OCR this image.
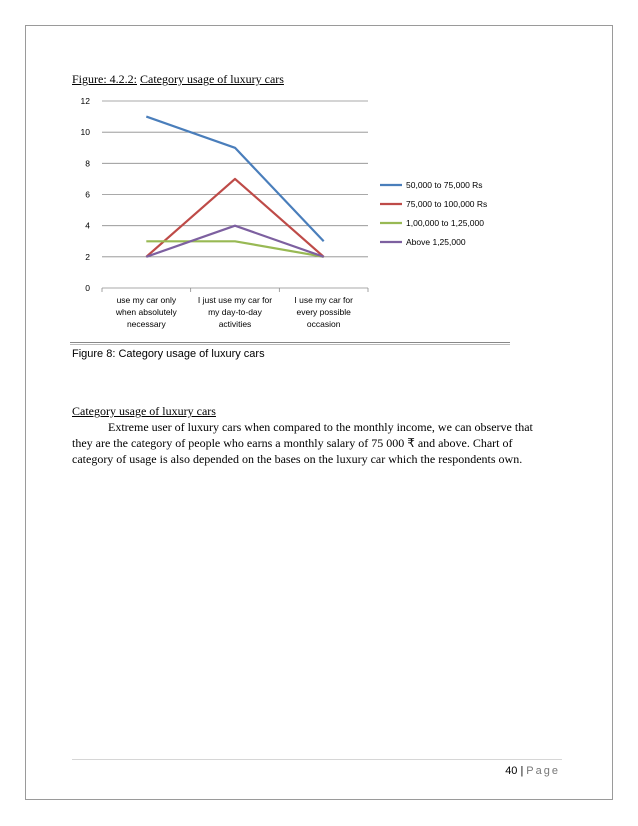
Figure: 4.2.2: Category usage of luxury cars
0
2
4
6
8
10
12
use my car only
when absolutely
necessary
I just use my car for
my day-to-day
activities
I use my car for
every possible
occasion
50,000 to 75,000 Rs
75,000 to 100,000 Rs
1,00,000 to 1,25,000
Above 1,25,000
Figure 8: Category usage of luxury cars
Category usage of luxury cars

Extreme user of luxury cars when compared to the monthly income, we can observe that
they are the category of people who earns a monthly salary of 75 000 ₹ and above. Chart of
category of usage is also depended on the bases on the luxury car which the respondents own.

40 | Page
